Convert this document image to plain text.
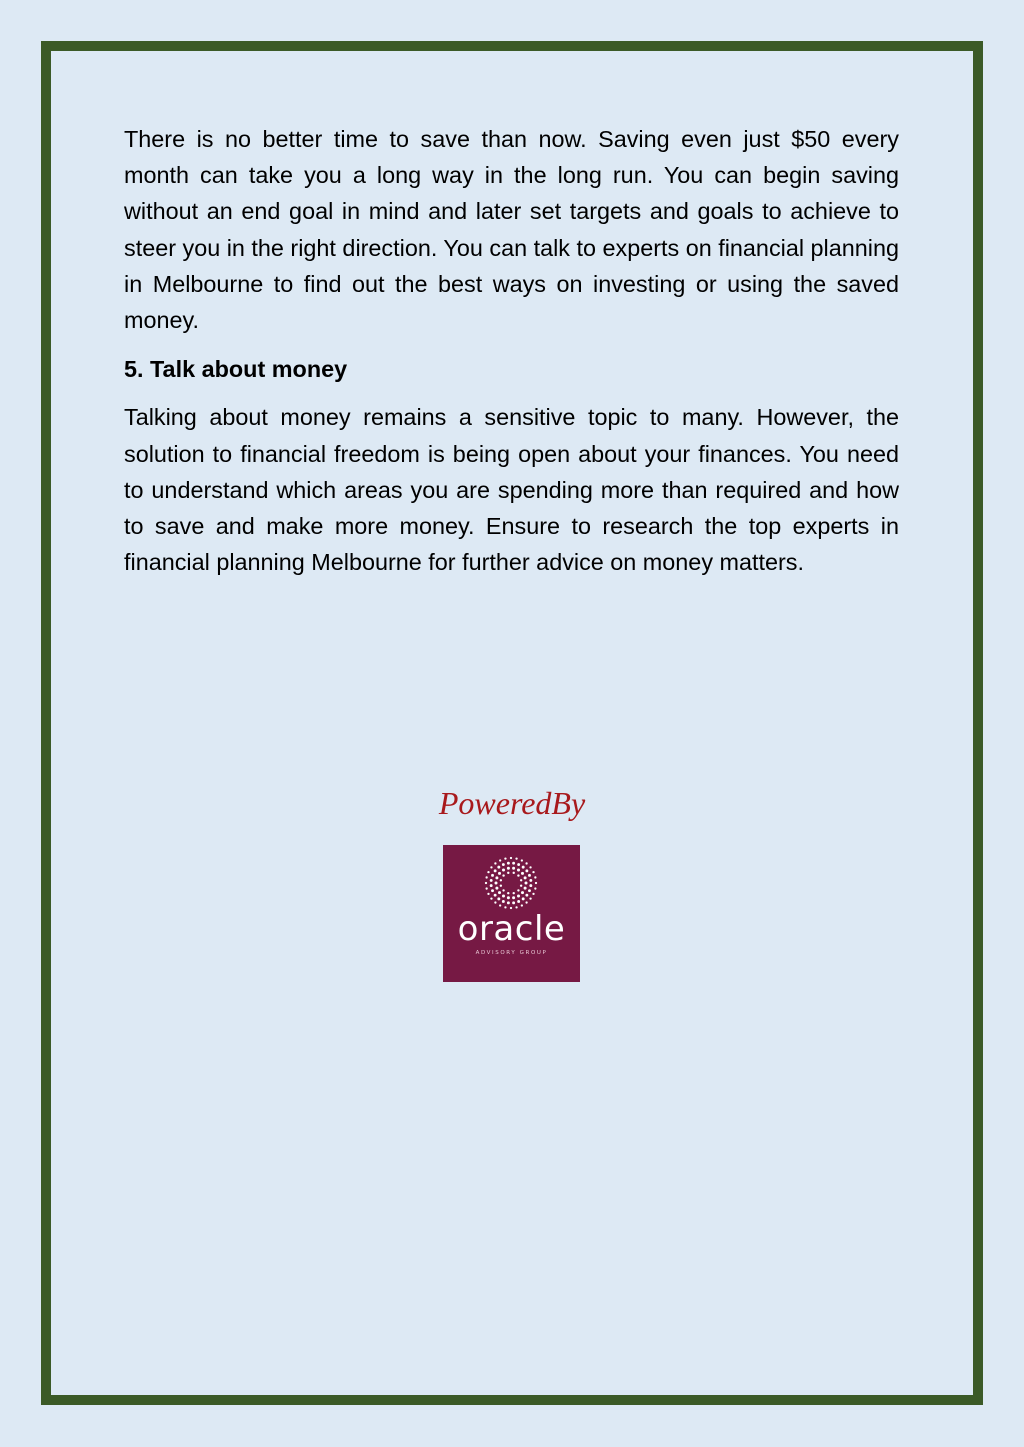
There is no better time to save than now. Saving even just $50 every month can take you a long way in the long run. You can begin saving without an end goal in mind and later set targets and goals to achieve to steer you in the right direction. You can talk to experts on financial planning in Melbourne to find out the best ways on investing or using the saved money.

5. Talk about money

Talking about money remains a sensitive topic to many. However, the solution to financial freedom is being open about your finances. You need to understand which areas you are spending more than required and how to save and make more money. Ensure to research the top experts in financial planning Melbourne for further advice on money matters.

PoweredBy
oracle
ADVISORY GROUP
